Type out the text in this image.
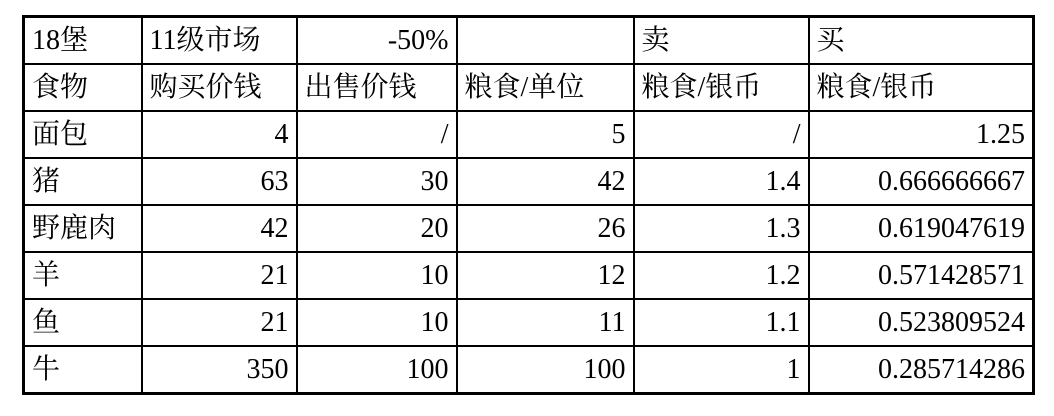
18堡	11级市场	-50%		卖	买
食物	购买价钱	出售价钱	粮食/单位	粮食/银币	粮食/银币
面包	4	/	5	/	1.25
猪	63	30	42	1.4	0.666666667
野鹿肉	42	20	26	1.3	0.619047619
羊	21	10	12	1.2	0.571428571
鱼	21	10	11	1.1	0.523809524
牛	350	100	100	1	0.285714286
